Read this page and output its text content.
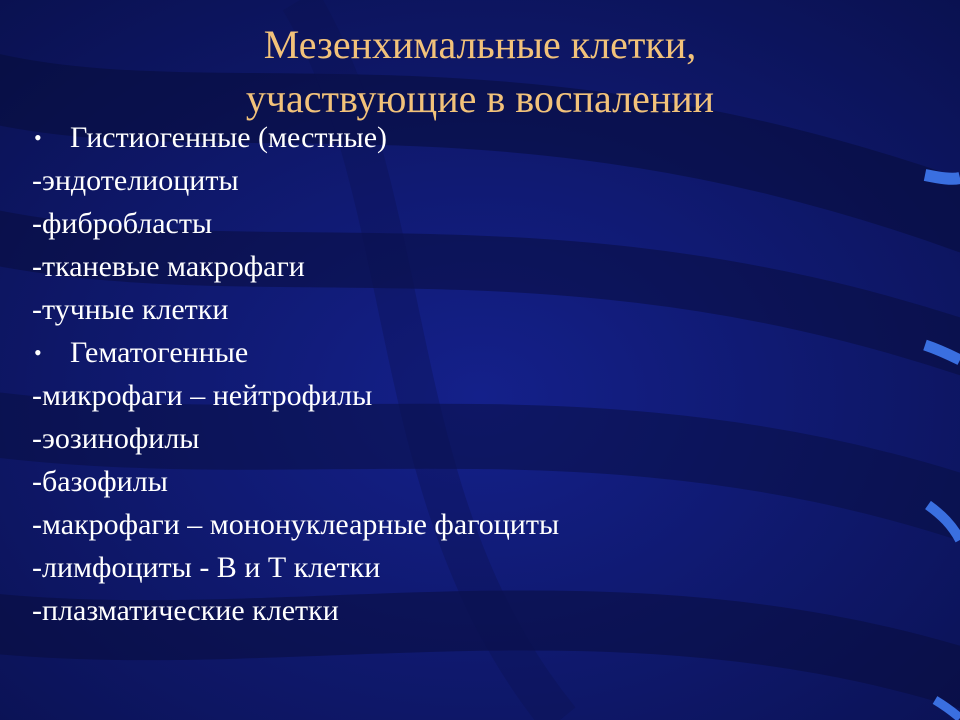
Мезенхимальные клетки,
участвующие в воспалении
• Гистиогенные (местные)
-эндотелиоциты
-фибробласты
-тканевые макрофаги
-тучные клетки
• Гематогенные
-микрофаги – нейтрофилы
-эозинофилы
-базофилы
-макрофаги – мононуклеарные фагоциты
-лимфоциты - В и Т клетки
-плазматические клетки
